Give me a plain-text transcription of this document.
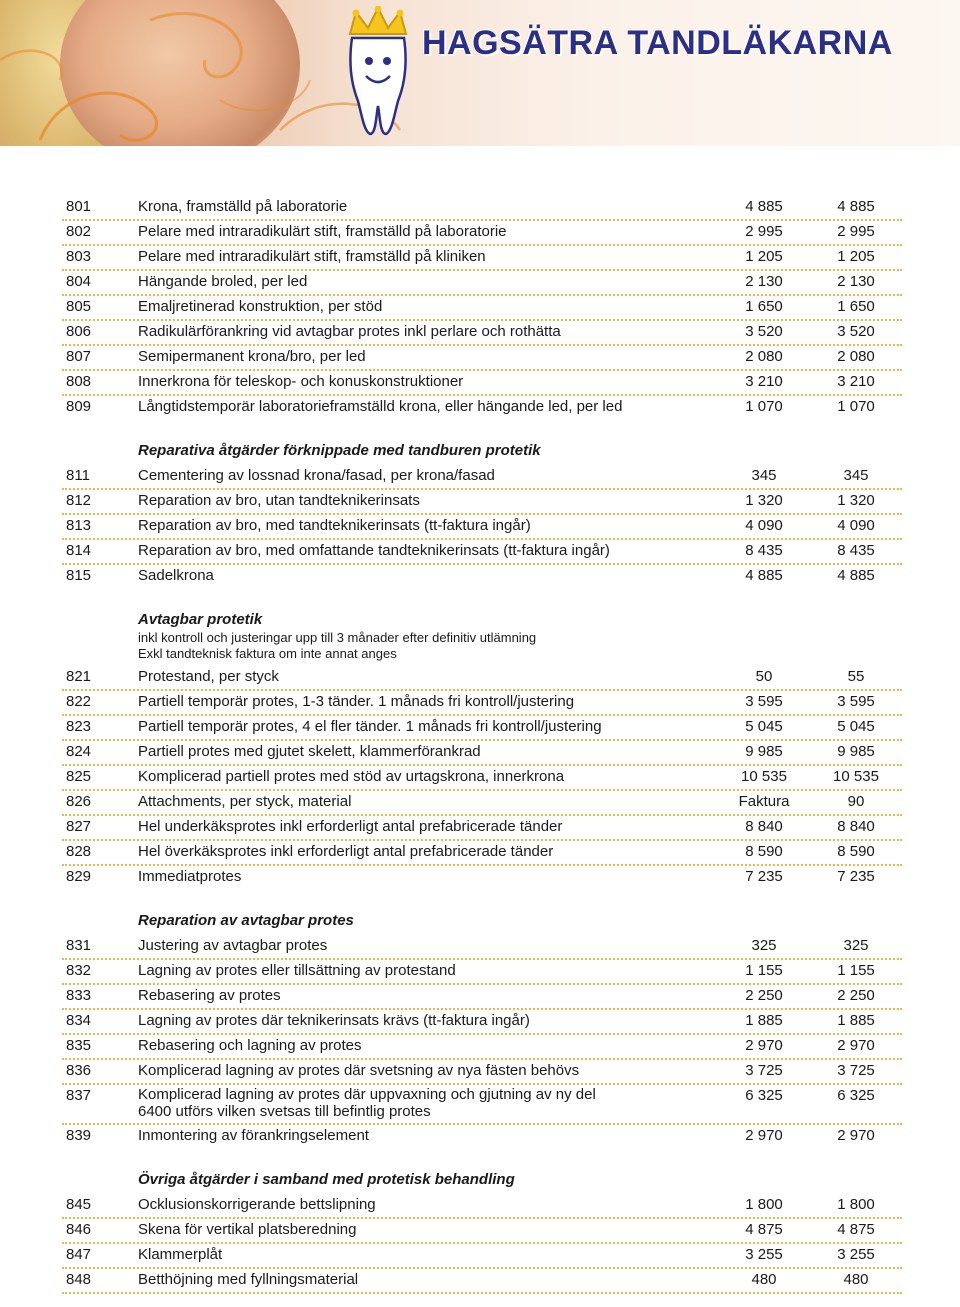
HAGSÄTRA TANDLÄKARNA
801	Krona, framställd på laboratorie	4 885	4 885
802	Pelare med intraradikulärt stift, framställd på laboratorie	2 995	2 995
803	Pelare med intraradikulärt stift, framställd på kliniken	1 205	1 205
804	Hängande broled, per led	2 130	2 130
805	Emaljretinerad konstruktion, per stöd	1 650	1 650
806	Radikulärförankring vid avtagbar protes inkl perlare och rothätta	3 520	3 520
807	Semipermanent krona/bro, per led	2 080	2 080
808	Innerkrona för teleskop- och konuskonstruktioner	3 210	3 210
809	Långtidstemporär laboratorieframställd krona, eller hängande led, per led	1 070	1 070
Reparativa åtgärder förknippade med tandburen protetik
811	Cementering av lossnad krona/fasad, per krona/fasad	345	345
812	Reparation av bro, utan tandteknikerinsats	1 320	1 320
813	Reparation av bro, med tandteknikerinsats (tt-faktura ingår)	4 090	4 090
814	Reparation av bro, med omfattande tandteknikerinsats (tt-faktura ingår)	8 435	8 435
815	Sadelkrona	4 885	4 885
Avtagbar protetik
inkl kontroll och justeringar upp till 3 månader efter definitiv utlämning
Exkl tandteknisk faktura om inte annat anges
821	Protestand, per styck	50	55
822	Partiell temporär protes, 1-3 tänder. 1 månads fri kontroll/justering	3 595	3 595
823	Partiell temporär protes, 4 el fler tänder. 1 månads fri kontroll/justering	5 045	5 045
824	Partiell protes med gjutet skelett, klammerförankrad	9 985	9 985
825	Komplicerad partiell protes med stöd av urtagskrona, innerkrona	10 535	10 535
826	Attachments, per styck, material	Faktura	90
827	Hel underkäksprotes inkl erforderligt antal prefabricerade tänder	8 840	8 840
828	Hel överkäksprotes inkl erforderligt antal prefabricerade tänder	8 590	8 590
829	Immediatprotes	7 235	7 235
Reparation av avtagbar protes
831	Justering av avtagbar protes	325	325
832	Lagning av protes eller tillsättning av protestand	1 155	1 155
833	Rebasering av protes	2 250	2 250
834	Lagning av protes där teknikerinsats krävs (tt-faktura ingår)	1 885	1 885
835	Rebasering och lagning av protes	2 970	2 970
836	Komplicerad lagning av protes där svetsning av nya fästen behövs	3 725	3 725
837	Komplicerad lagning av protes där uppvaxning och gjutning av ny del
6400 utförs vilken svetsas till befintlig protes
6 325	6 325
839	Inmontering av förankringselement	2 970	2 970
Övriga åtgärder i samband med protetisk behandling
845	Ocklusionskorrigerande bettslipning	1 800	1 800
846	Skena för vertikal platsberedning	4 875	4 875
847	Klammerplåt	3 255	3 255
848	Betthöjning med fyllningsmaterial	480	480
